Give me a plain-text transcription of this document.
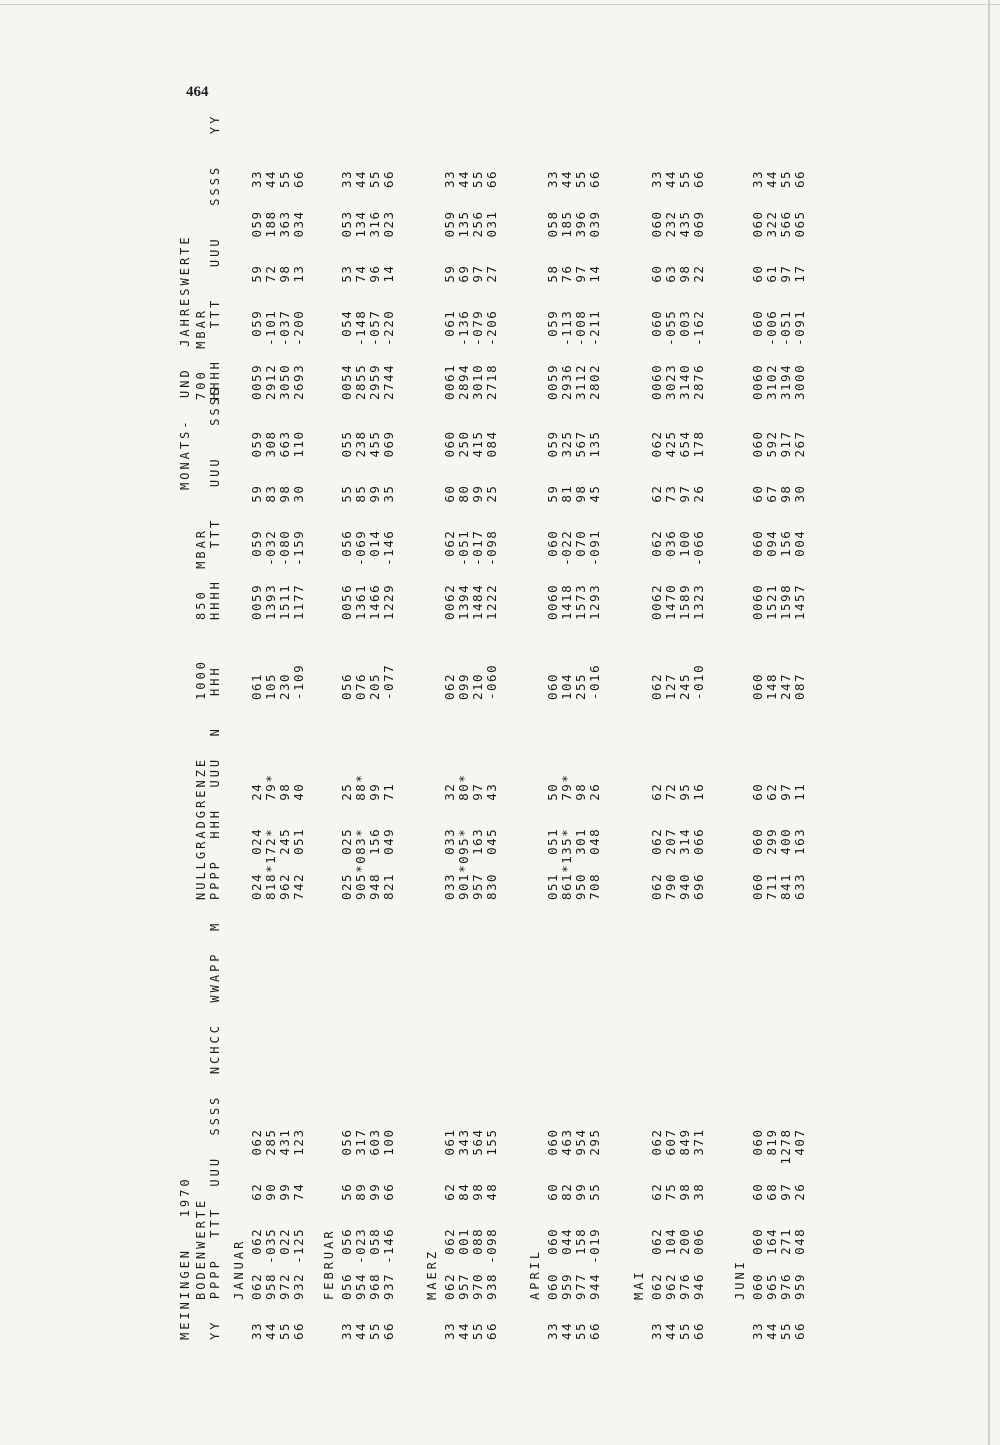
464
MEININGEN   1970
MONATS-  UND  JAHRESWERTE
BODENWERTE YY  PPPP  TTT  UUU  SSSS  NCHCC  WWAPP  M
NULLGRADGRENZE PPPP  HHH  UUU  N
1000 HHH
850  MBAR HHHH   TTT   UUU   SSSS
700  MBAR HHHH   TTT   UUU   SSSS   YY
JANUAR
33
062  062   62   062
024  024   24
061
0059   059   59   059
0059   059   59   059
33
44
958 -035   90   285
818*172*   79*
105
1393  -032   83   308
2912  -101   72   188
44
55
972  022   99   431
962  245   98
230
1511  -080   98   663
3050  -037   98   363
55
66
932 -125   74   123
742  051   40
-109
1177  -159   30   110
2693  -200   13   034
66
FEBRUAR
33
056  056   56   056
025  025   25
056
0056   056   55   055
0054   054   53   053
33
44
954 -023   89   317
905*083*   88*
076
1361  -069   85   238
2855  -148   74   134
44
55
968  058   99   603
948  156   99
205
1466   014   99   455
2959  -057   96   316
55
66
937 -146   66   100
821  049   71
-077
1229  -146   35   069
2744  -220   14   023
66
MAERZ
33
062  062   62   061
033  033   32
062
0062   062   60   060
0061   061   59   059
33
44
957  001   84   343
901*095*   80*
099
1394  -051   80   250
2894  -136   69   135
44
55
970  088   98   564
957  163   97
210
1484  -017   99   415
3010  -079   97   256
55
66
938 -098   48   155
830  045   43
-060
1222  -098   25   084
2718  -206   27   031
66
APRIL
33
060  060   60   060
051  051   50
060
0060   060   59   059
0059   059   58   058
33
44
959  044   82   463
861*135*   79*
104
1418  -022   81   325
2936  -113   76   185
44
55
977  158   99   954
950  301   98
255
1573   070   98   567
3112  -008   97   396
55
66
944 -019   55   295
708  048   26
-016
1293  -091   45   135
2802  -211   14   039
66
MAI
33
062  062   62   062
062  062   62
062
0062   062   62   062
0060   060   60   060
33
44
962  104   75   607
790  207   72
127
1470   036   73   425
3023  -055   63   232
44
55
976  200   98   849
940  314   95
245
1589   100   97   654
3140   003   98   435
55
66
946  006   38   371
696  066   16
-010
1323  -066   26   178
2876  -162   22   069
66
JUNI
33
060  060   60   060
060  060   60
060
0060   060   60   060
0060   060   60   060
33
44
965  164   68   819
711  299   62
148
1521   094   67   592
3102  -006   61   322
44
55
976  271   97  1278
841  400   97
247
1598   156   98   917
3194  -051   97   566
55
66
959  048   26   407
633  163   11
087
1457   004   30   267
3000  -091   17   065
66
